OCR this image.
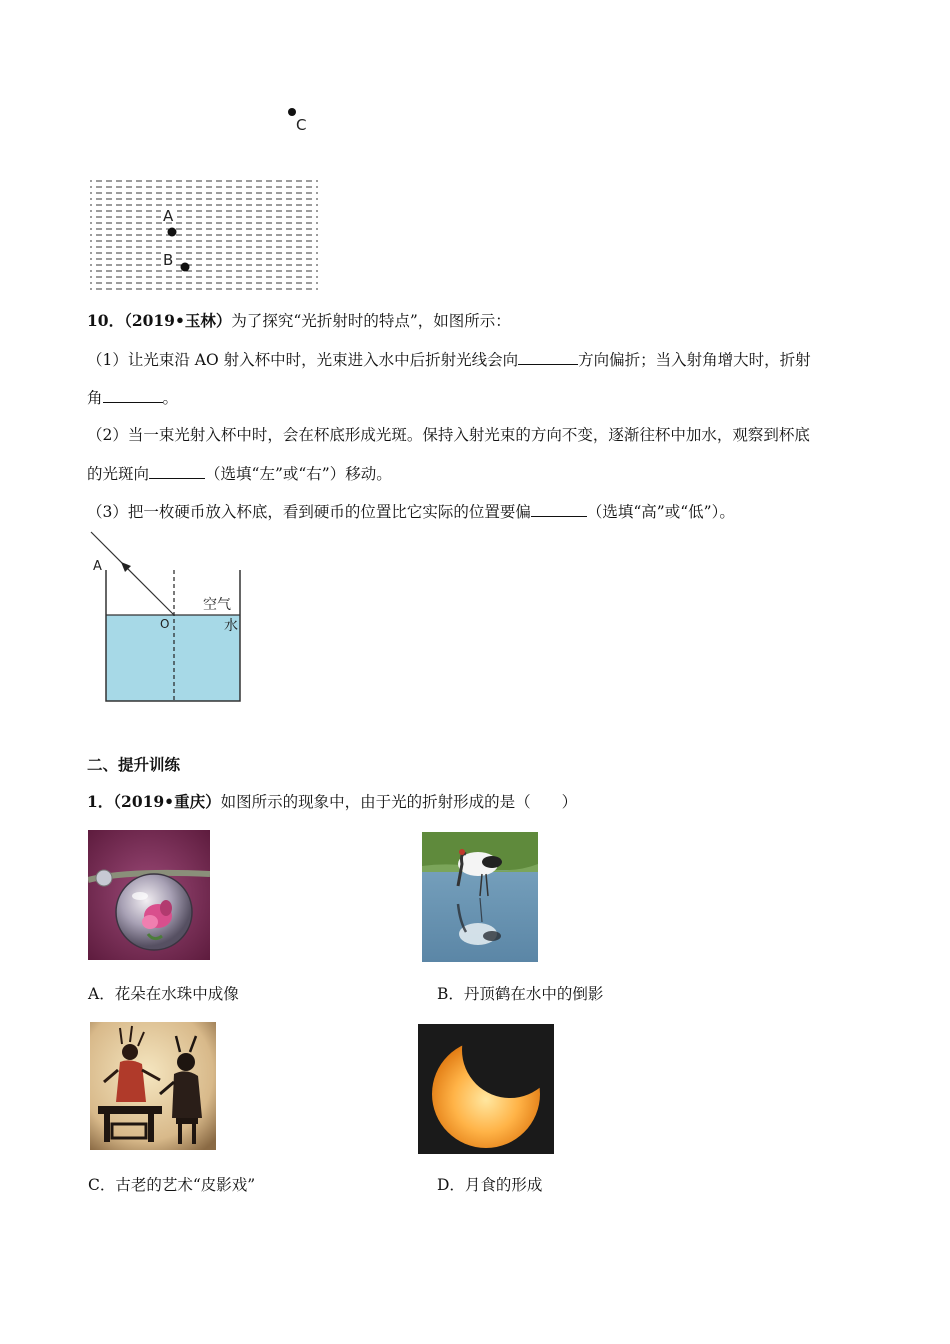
C
A
B
10．（2019•玉林）为了探究“光折射时的特点”，如图所示：
（1）让光束沿 AO 射入杯中时，光束进入水中后折射光线会向	方向偏折；当入射角增大时，折射
角	。
（2）当一束光射入杯中时，会在杯底形成光斑。保持入射光束的方向不变，逐渐往杯中加水，观察到杯底
的光斑向	（选填“左”或“右”）移动。
（3）把一枚硬币放入杯底，看到硬币的位置比它实际的位置要偏	（选填“高”或“低”）。
A
O
空气
水
二、提升训练
1．（2019•重庆）如图所示的现象中，由于光的折射形成的是（　　）
A．花朵在水珠中成像	B．丹顶鹤在水中的倒影
C．古老的艺术“皮影戏”	D．月食的形成
